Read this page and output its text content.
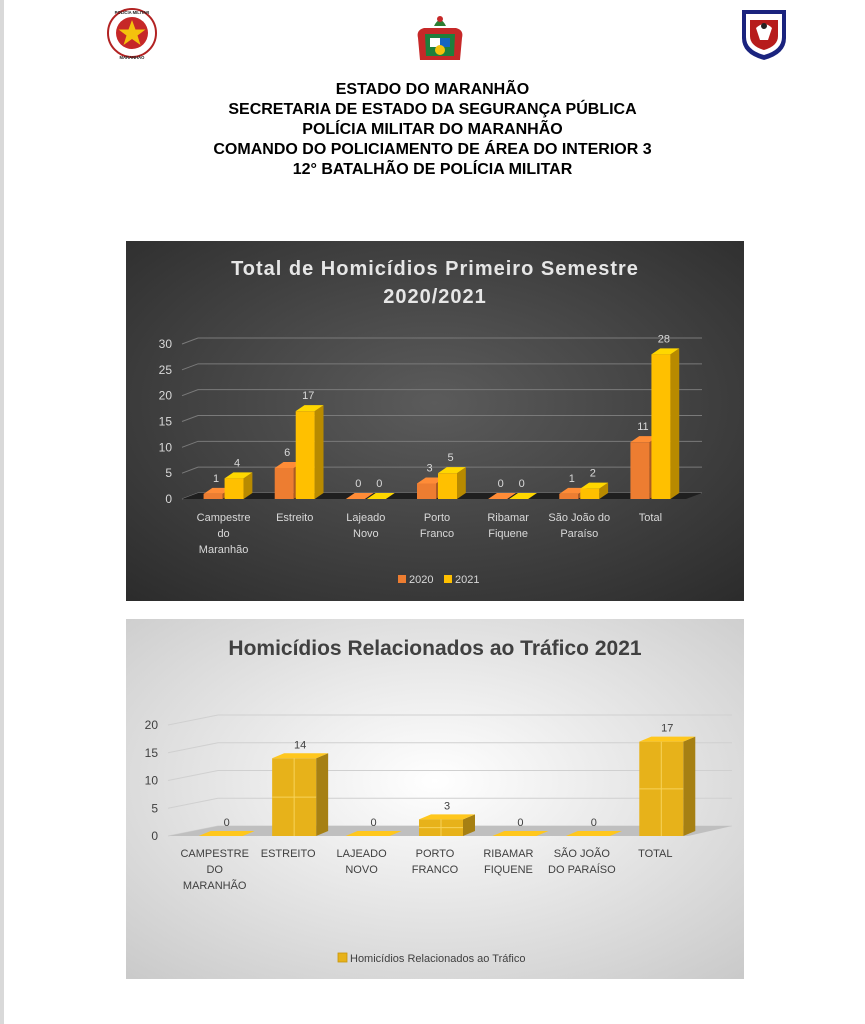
POLÍCIA MILITAR
MARANHÃO
ESTADO DO MARANHÃO
SECRETARIA DE ESTADO DA SEGURANÇA PÚBLICA
POLÍCIA MILITAR DO MARANHÃO
COMANDO DO POLICIAMENTO DE ÁREA DO INTERIOR 3
12° BATALHÃO DE POLÍCIA MILITAR
Total de Homicídios Primeiro Semestre
2020/2021
0
5
10
15
20
25
30
1
4
6
17
0 0
3
5
0 0	1 2
11
28
Campestre
do
Maranhão
Estreito	Lajeado
Novo
Porto
Franco
Ribamar
Fiquene
São João do
Paraíso
Total
2020 2021
Homicídios Relacionados ao Tráfico 2021
0
5
10
15
20
0
14
0
3
0	0
17
CAMPESTRE
DO
MARANHÃO
ESTREITO LAJEADO
NOVO
PORTO
FRANCO
RIBAMAR
FIQUENE
SÃO JOÃO
DO PARAÍSO
TOTAL
Homicídios Relacionados ao Tráfico
